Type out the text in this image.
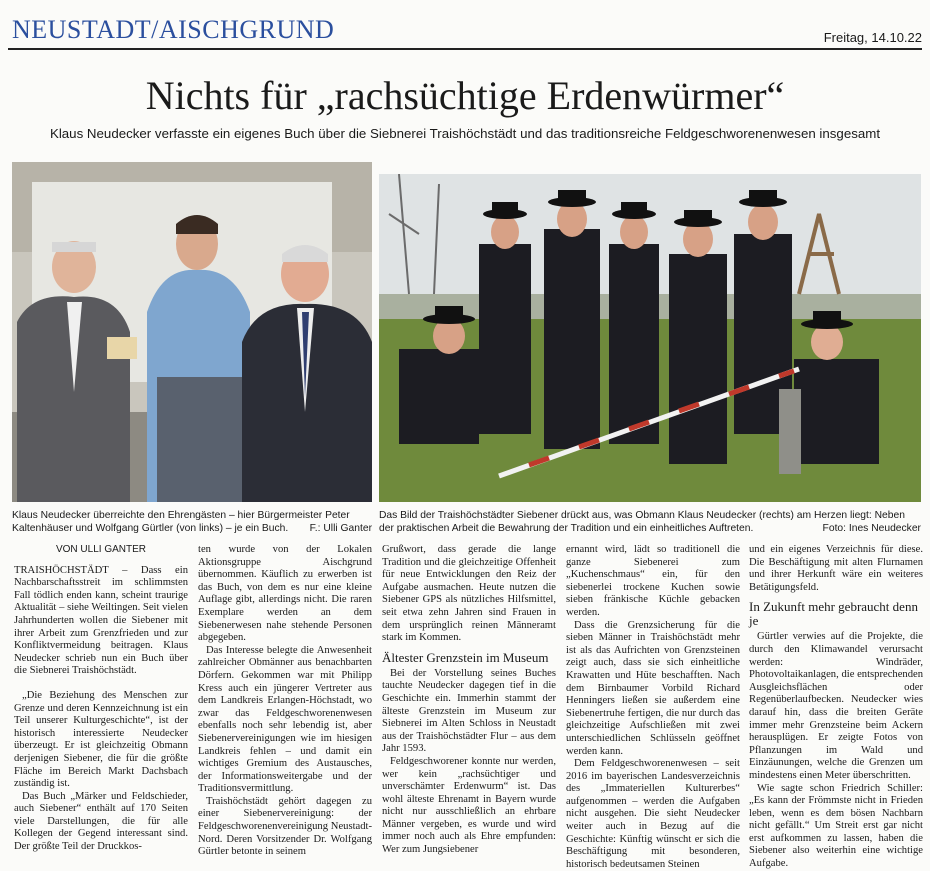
NEUSTADT/AISCHGRUND	Freitag, 14.10.22
Nichts für „rachsüchtige Erdenwürmer“
Klaus Neudecker verfasste ein eigenes Buch über die Siebnerei Traishöchstädt und das traditionsreiche Feldgeschworenenwesen insgesamt
Klaus Neudecker überreichte den Ehrengästen – hier Bürgermeister Peter Kaltenhäuser und Wolfgang Gürtler (von links) – je ein Buch. F.: Ulli Ganter
Das Bild der Traishöchstädter Siebener drückt aus, was Obmann Klaus Neudecker (rechts) am Herzen liegt: Neben der praktischen Arbeit die Bewahrung der Tradition und ein einheitliches Auftreten.	Foto: Ines Neudecker
VON ULLI GANTER

TRAISHÖCHSTÄDT – Dass ein Nachbarschaftsstreit im schlimmsten Fall tödlich enden kann, scheint traurige Aktualität – siehe Weiltingen. Seit vielen Jahrhunderten wollen die Siebener mit ihrer Arbeit zum Grenzfrieden und zur Konfliktvermeidung beitragen. Klaus Neudecker schrieb nun ein Buch über die Siebnerei Traishöchstädt.

„Die Beziehung des Menschen zur Grenze und deren Kennzeichnung ist ein Teil unserer Kulturgeschichte“, ist der historisch interessierte Neudecker überzeugt. Er ist gleichzeitig Obmann derjenigen Siebener, die für die größte Fläche im Bereich Markt Dachsbach zuständig ist.

Das Buch „Märker und Feldschieder, auch Siebener“ enthält auf 170 Seiten viele Darstellungen, die für alle Kollegen der Gegend interessant sind. Der größte Teil der Druckkos-

ten wurde von der Lokalen Aktionsgruppe Aischgrund übernommen. Käuflich zu erwerben ist das Buch, von dem es nur eine kleine Auflage gibt, allerdings nicht. Die raren Exemplare werden an dem Siebenerwesen nahe stehende Personen abgegeben.

Das Interesse belegte die Anwesenheit zahlreicher Obmänner aus benachbarten Dörfern. Gekommen war mit Philipp Kress auch ein jüngerer Vertreter aus dem Landkreis Erlangen-Höchstadt, wo zwar das Feldgeschworenenwesen ebenfalls noch sehr lebendig ist, aber Siebenervereinigungen wie im hiesigen Landkreis fehlen – und damit ein wichtiges Gremium des Austausches, der Informationsweitergabe und der Traditionsvermittlung.

Traishöchstädt gehört dagegen zu einer Siebenervereinigung: der Feldgeschworenenvereinigung Neustadt-Nord. Deren Vorsitzender Dr. Wolfgang Gürtler betonte in seinem

Grußwort, dass gerade die lange Tradition und die gleichzeitige Offenheit für neue Entwicklungen den Reiz der Aufgabe ausmachen. Heute nutzen die Siebener GPS als nützliches Hilfsmittel, seit etwa zehn Jahren sind Frauen in dem ursprünglich reinen Männeramt stark im Kommen.

Ältester Grenzstein im Museum

Bei der Vorstellung seines Buches tauchte Neudecker dagegen tief in die Geschichte ein. Immerhin stammt der älteste Grenzstein im Museum zur Siebnerei im Alten Schloss in Neustadt aus der Traishöchstädter Flur – aus dem Jahr 1593.

Feldgeschworener konnte nur werden, wer kein „rachsüchtiger und unverschämter Erdenwurm“ ist. Das wohl älteste Ehrenamt in Bayern wurde nicht nur ausschließlich an ehrbare Männer vergeben, es wurde und wird immer noch auch als Ehre empfunden: Wer zum Jungsiebener

ernannt wird, lädt so traditionell die ganze Siebenerei zum „Kuchenschmaus“ ein, für den siebenerlei trockene Kuchen sowie sieben fränkische Küchle gebacken werden.

Dass die Grenzsicherung für die sieben Männer in Traishöchstädt mehr ist als das Aufrichten von Grenzsteinen zeigt auch, dass sie sich einheitliche Krawatten und Hüte beschafften. Nach dem Birnbaumer Vorbild Richard Henningers ließen sie außerdem eine Siebenertruhe fertigen, die nur durch das gleichzeitige Aufschließen mit zwei unterschiedlichen Schlüsseln geöffnet werden kann.

Dem Feldgeschworenenwesen – seit 2016 im bayerischen Landesverzeichnis des „Immateriellen Kulturerbes“ aufgenommen – werden die Aufgaben nicht ausgehen. Die sieht Neudecker weiter auch in Bezug auf die Geschichte: Künftig wünscht er sich die Beschäftigung mit besonderen, historisch bedeutsamen Steinen

und ein eigenes Verzeichnis für diese. Die Beschäftigung mit alten Flurnamen und ihrer Herkunft wäre ein weiteres Betätigungsfeld.

In Zukunft mehr gebraucht denn je

Gürtler verwies auf die Projekte, die durch den Klimawandel verursacht werden: Windräder, Photovoltaikanlagen, die entsprechenden Ausgleichsflächen oder Regenüberlaufbecken. Neudecker wies darauf hin, dass die breiten Geräte immer mehr Grenzsteine beim Ackern herausplügen. Er zeigte Fotos von Pflanzungen im Wald und Einzäunungen, welche die Grenzen um mindestens einen Meter überschritten.

Wie sagte schon Friedrich Schiller: „Es kann der Frömmste nicht in Frieden leben, wenn es dem bösen Nachbarn nicht gefällt.“ Um Streit erst gar nicht erst aufkommen zu lassen, haben die Siebener also weiterhin eine wichtige Aufgabe.
